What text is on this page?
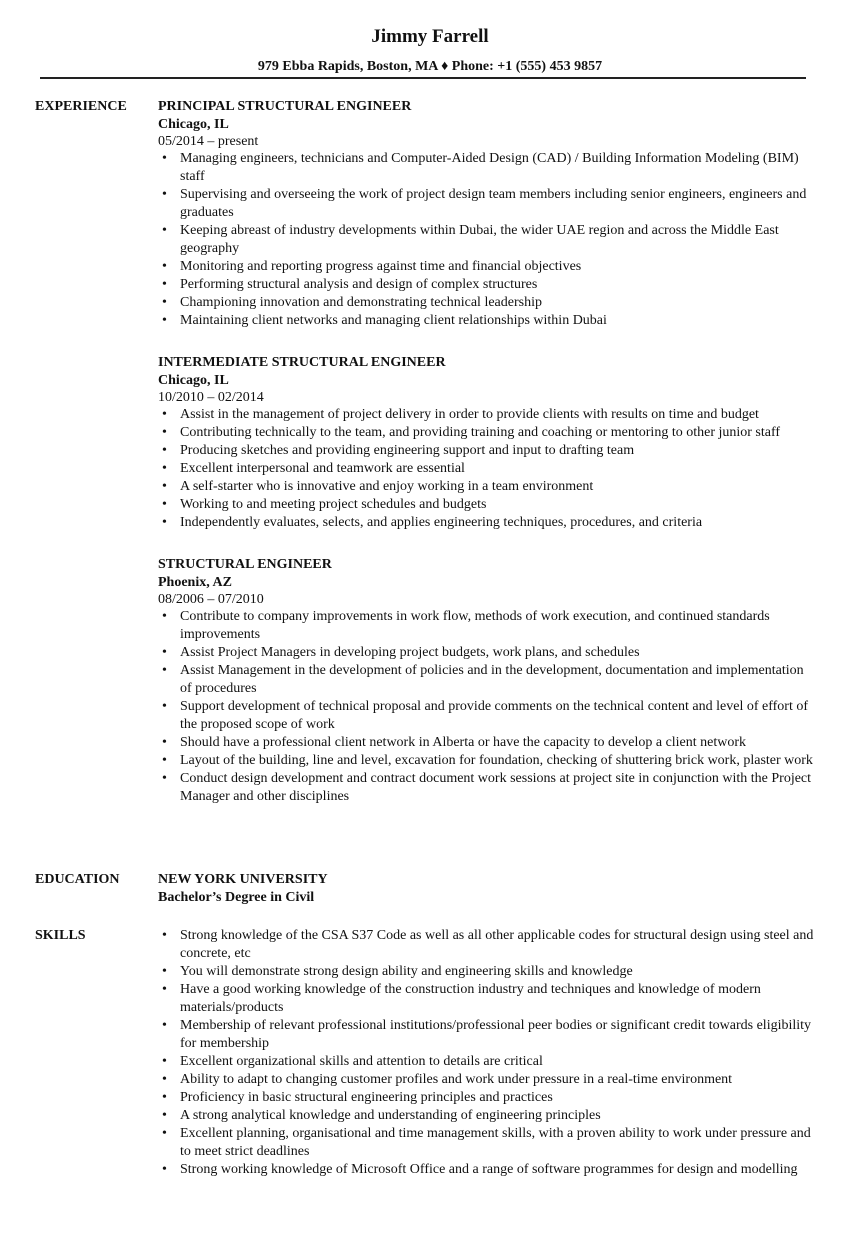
Jimmy Farrell
979 Ebba Rapids, Boston, MA ♦ Phone: +1 (555) 453 9857
EXPERIENCE PRINCIPAL STRUCTURAL ENGINEER
Chicago, IL
05/2014 – present
• Managing engineers, technicians and Computer-Aided Design (CAD) / Building Information Modeling (BIM) staff
• Supervising and overseeing the work of project design team members including senior engineers, engineers and graduates
• Keeping abreast of industry developments within Dubai, the wider UAE region and across the Middle East geography
• Monitoring and reporting progress against time and financial objectives
• Performing structural analysis and design of complex structures
• Championing innovation and demonstrating technical leadership
• Maintaining client networks and managing client relationships within Dubai
INTERMEDIATE STRUCTURAL ENGINEER
Chicago, IL
10/2010 – 02/2014
• Assist in the management of project delivery in order to provide clients with results on time and budget
• Contributing technically to the team, and providing training and coaching or mentoring to other junior staff
• Producing sketches and providing engineering support and input to drafting team
• Excellent interpersonal and teamwork are essential
• A self-starter who is innovative and enjoy working in a team environment
• Working to and meeting project schedules and budgets
• Independently evaluates, selects, and applies engineering techniques, procedures, and criteria
STRUCTURAL ENGINEER
Phoenix, AZ
08/2006 – 07/2010
• Contribute to company improvements in work flow, methods of work execution, and continued standards improvements
• Assist Project Managers in developing project budgets, work plans, and schedules
• Assist Management in the development of policies and in the development, documentation and implementation of procedures
• Support development of technical proposal and provide comments on the technical content and level of effort of the proposed scope of work
• Should have a professional client network in Alberta or have the capacity to develop a client network
• Layout of the building, line and level, excavation for foundation, checking of shuttering brick work, plaster work
• Conduct design development and contract document work sessions at project site in conjunction with the Project Manager and other disciplines
EDUCATION	NEW YORK UNIVERSITY
Bachelor’s Degree in Civil
SKILLS
•	Strong knowledge of the CSA S37 Code as well as all other applicable codes for structural design using steel and concrete, etc
• You will demonstrate strong design ability and engineering skills and knowledge
• Have a good working knowledge of the construction industry and techniques and knowledge of modern materials/products
• Membership of relevant professional institutions/professional peer bodies or significant credit towards eligibility for membership
• Excellent organizational skills and attention to details are critical
• Ability to adapt to changing customer profiles and work under pressure in a real-time environment
• Proficiency in basic structural engineering principles and practices
• A strong analytical knowledge and understanding of engineering principles
• Excellent planning, organisational and time management skills, with a proven ability to work under pressure and to meet strict deadlines
• Strong working knowledge of Microsoft Office and a range of software programmes for design and modelling
